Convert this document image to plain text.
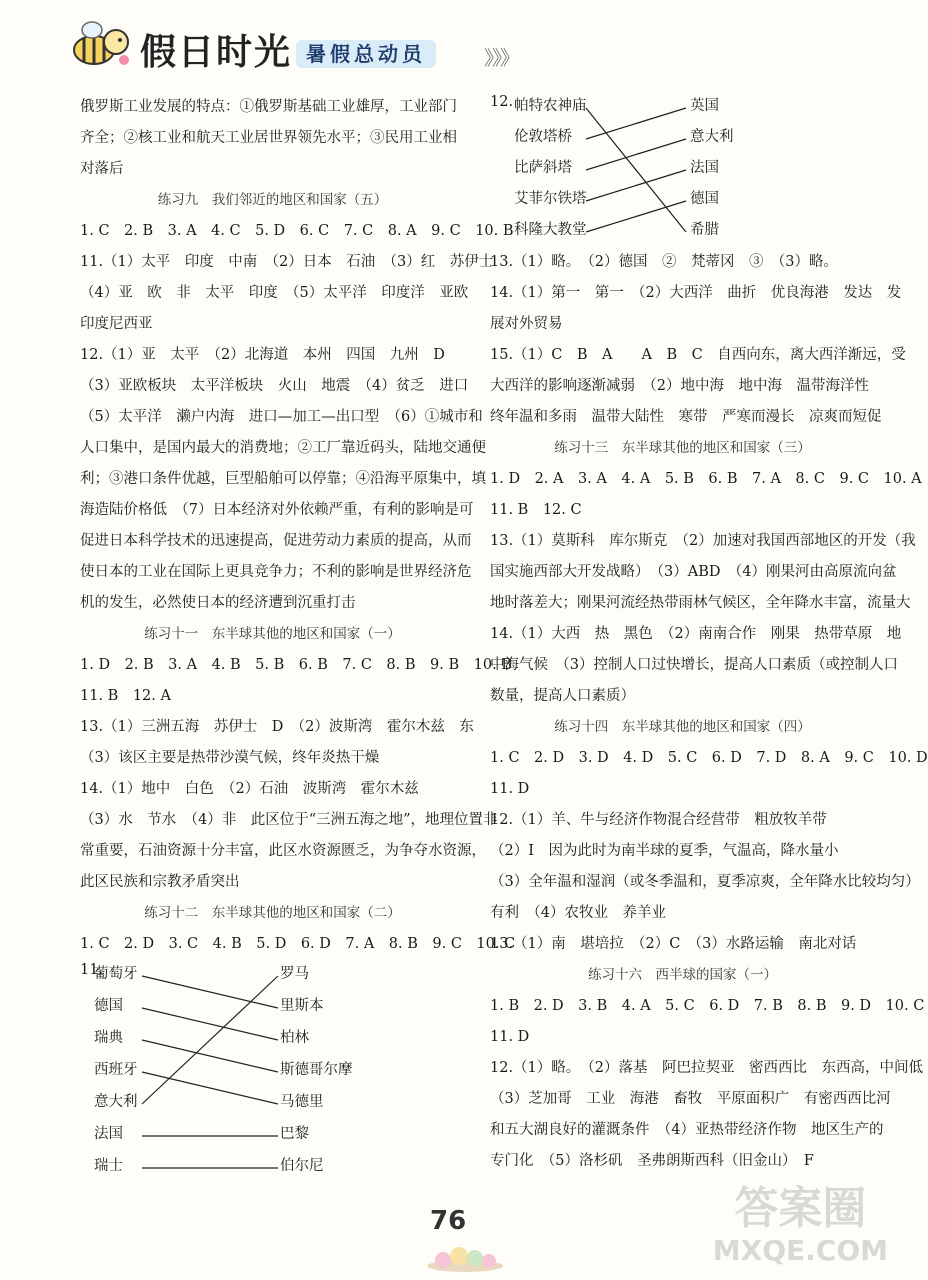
假日时光 暑假总动员	》》》
俄罗斯工业发展的特点：①俄罗斯基础工业雄厚，工业部门
齐全；②核工业和航天工业居世界领先水平；③民用工业相
对落后
练习九　我们邻近的地区和国家（五）
1. C　2. B　3. A　4. C　5. D　6. C　7. C　8. A　9. C　10. B
11.（1）太平　印度　中南　（2）日本　石油　（3）红　苏伊士
（4）亚　欧　非　太平　印度　（5）太平洋　印度洋　亚欧
印度尼西亚
12.（1）亚　太平　（2）北海道　本州　四国　九州　D
（3）亚欧板块　太平洋板块　火山　地震　（4）贫乏　进口
（5）太平洋　濑户内海　进口—加工—出口型　（6）①城市和
人口集中，是国内最大的消费地；②工厂靠近码头，陆地交通便
利；③港口条件优越，巨型船舶可以停靠；④沿海平原集中，填
海造陆价格低　（7）日本经济对外依赖严重，有利的影响是可
促进日本科学技术的迅速提高，促进劳动力素质的提高，从而
使日本的工业在国际上更具竞争力；不利的影响是世界经济危
机的发生，必然使日本的经济遭到沉重打击
练习十一　东半球其他的地区和国家（一）
1. D　2. B　3. A　4. B　5. B　6. B　7. C　8. B　9. B　10. B
11. B　12. A
13.（1）三洲五海　苏伊士　D　（2）波斯湾　霍尔木兹　东
（3）该区主要是热带沙漠气候，终年炎热干燥
14.（1）地中　白色　（2）石油　波斯湾　霍尔木兹
（3）水　节水　（4）非　此区位于“三洲五海之地”，地理位置非
常重要，石油资源十分丰富，此区水资源匮乏，为争夺水资源，
此区民族和宗教矛盾突出
练习十二　东半球其他的地区和国家（二）
1. C　2. D　3. C　4. B　5. D　6. D　7. A　8. B　9. C　10. C
11.
葡萄牙
德国
瑞典
西班牙
意大利
法国
瑞士
罗马
里斯本
柏林
斯德哥尔摩
马德里
巴黎
伯尔尼
12. 帕特农神庙
伦敦塔桥
比萨斜塔
艾菲尔铁塔
科隆大教堂
英国
意大利
法国
德国
希腊
13.（1）略。　（2）德国　②　梵蒂冈　③　（3）略。
14.（1）第一　第一　（2）大西洋　曲折　优良海港　发达　发
展对外贸易
15.（1）C　B　A　　A　B　C　自西向东，离大西洋渐远，受
大西洋的影响逐渐减弱　（2）地中海　地中海　温带海洋性
终年温和多雨　温带大陆性　寒带　严寒而漫长　凉爽而短促
练习十三　东半球其他的地区和国家（三）
1. D　2. A　3. A　4. A　5. B　6. B　7. A　8. C　9. C　10. A
11. B　12. C
13.（1）莫斯科　库尔斯克　（2）加速对我国西部地区的开发（我
国实施西部大开发战略）　（3）ABD　（4）刚果河由高原流向盆
地时落差大；刚果河流经热带雨林气候区，全年降水丰富，流量大
14.（1）大西　热　黑色　（2）南南合作　刚果　热带草原　地
中海气候　（3）控制人口过快增长，提高人口素质（或控制人口
数量，提高人口素质）
练习十四　东半球其他的地区和国家（四）
1. C　2. D　3. D　4. D　5. C　6. D　7. D　8. A　9. C　10. D
11. D
12.（1）羊、牛与经济作物混合经营带　粗放牧羊带
（2）Ⅰ　因为此时为南半球的夏季，气温高，降水量小
（3）全年温和湿润（或冬季温和，夏季凉爽，全年降水比较均匀）
有利　（4）农牧业　养羊业
13.（1）南　堪培拉　（2）C　（3）水路运输　南北对话
练习十六　西半球的国家（一）
1. B　2. D　3. B　4. A　5. C　6. D　7. B　8. B　9. D　10. C
11. D
12.（1）略。　（2）落基　阿巴拉契亚　密西西比　东西高，中间低
（3）芝加哥　工业　海港　畜牧　平原面积广　有密西西比河
和五大湖良好的灌溉条件　（4）亚热带经济作物　地区生产的
专门化　（5）洛杉矶　圣弗朗斯西科（旧金山）　F
76	答案圈
MXQE.COM
